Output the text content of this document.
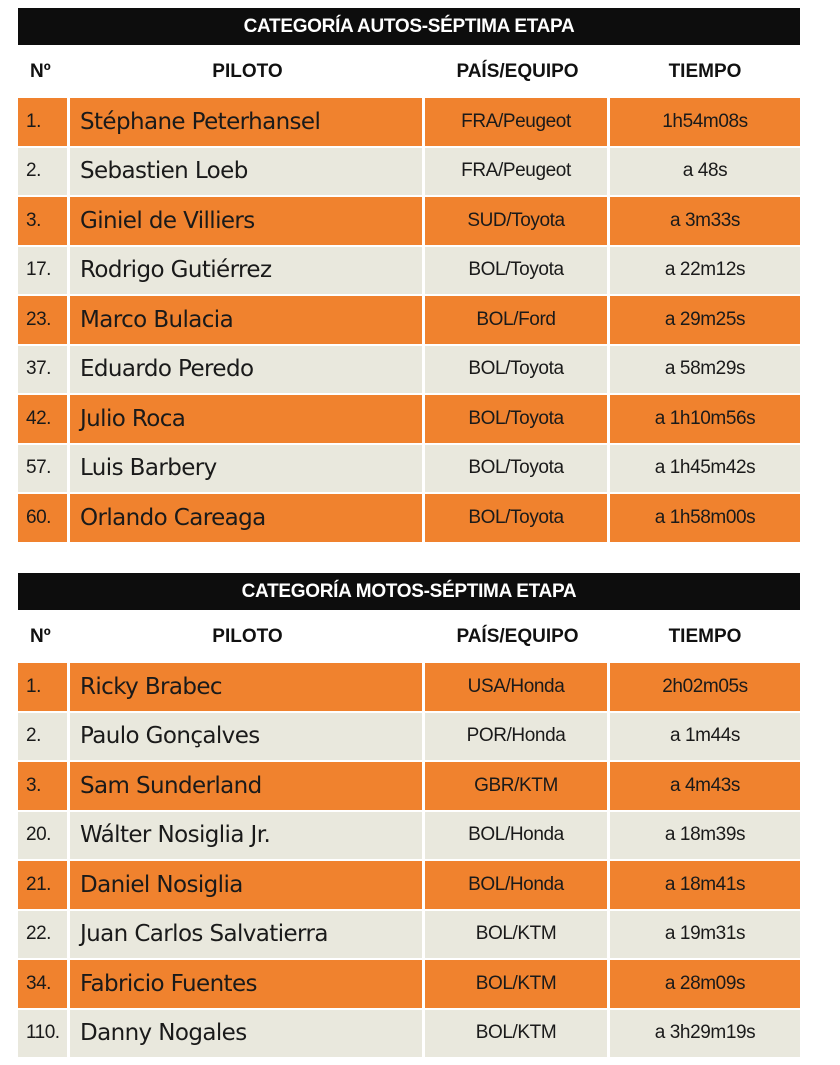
CATEGORÍA AUTOS-SÉPTIMA ETAPA
Nº	PILOTO	PAÍS/EQUIPO	TIEMPO
1.	Stéphane Peterhansel	FRA/Peugeot	1h54m08s
2.	Sebastien Loeb	FRA/Peugeot	a 48s
3.	Giniel de Villiers	SUD/Toyota	a 3m33s
17.	Rodrigo Gutiérrez	BOL/Toyota	a 22m12s
23.	Marco Bulacia	BOL/Ford	a 29m25s
37.	Eduardo Peredo	BOL/Toyota	a 58m29s
42.	Julio Roca	BOL/Toyota	a 1h10m56s
57.	Luis Barbery	BOL/Toyota	a 1h45m42s
60.	Orlando Careaga	BOL/Toyota	a 1h58m00s
CATEGORÍA MOTOS-SÉPTIMA ETAPA
Nº	PILOTO	PAÍS/EQUIPO	TIEMPO
1.	Ricky Brabec	USA/Honda	2h02m05s
2.	Paulo Gonçalves	POR/Honda	a 1m44s
3.	Sam Sunderland	GBR/KTM	a 4m43s
20.	Wálter Nosiglia Jr.	BOL/Honda	a 18m39s
21.	Daniel Nosiglia	BOL/Honda	a 18m41s
22.	Juan Carlos Salvatierra	BOL/KTM	a 19m31s
34.	Fabricio Fuentes	BOL/KTM	a 28m09s
110. Danny Nogales	BOL/KTM	a 3h29m19s
